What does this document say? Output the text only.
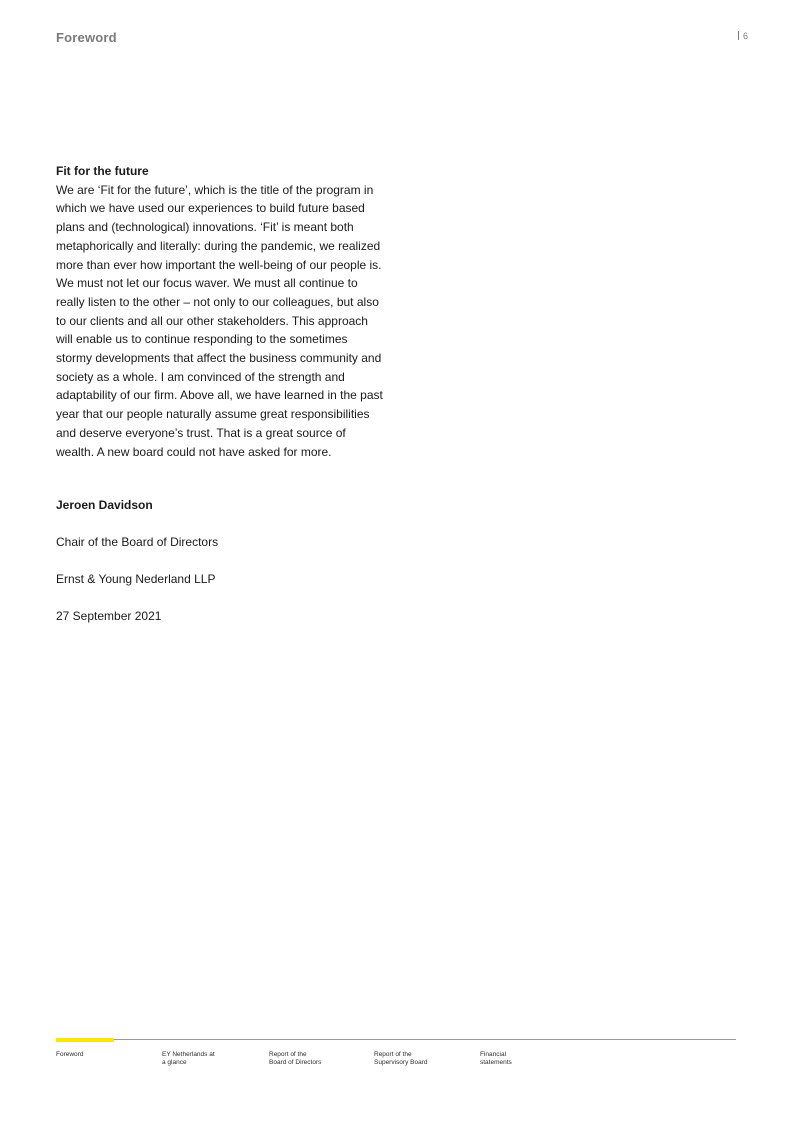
Foreword	6

Fit for the future

We are ‘Fit for the future’, which is the title of the program in which we have used our experiences to build future based plans and (technological) innovations. ‘Fit’ is meant both metaphorically and literally: during the pandemic, we realized more than ever how important the well-being of our people is. We must not let our focus waver. We must all continue to really listen to the other – not only to our colleagues, but also to our clients and all our other stakeholders. This approach will enable us to continue responding to the sometimes stormy developments that affect the business community and society as a whole. I am convinced of the strength and adaptability of our firm. Above all, we have learned in the past year that our people naturally assume great responsibilities and deserve everyone’s trust. That is a great source of wealth. A new board could not have asked for more.

Jeroen Davidson

Chair of the Board of Directors

Ernst & Young Nederland LLP

27 September 2021

Foreword	EY Netherlands at
a glance
Report of the
Board of Directors
Report of the
Supervisory Board
Financial
statements
